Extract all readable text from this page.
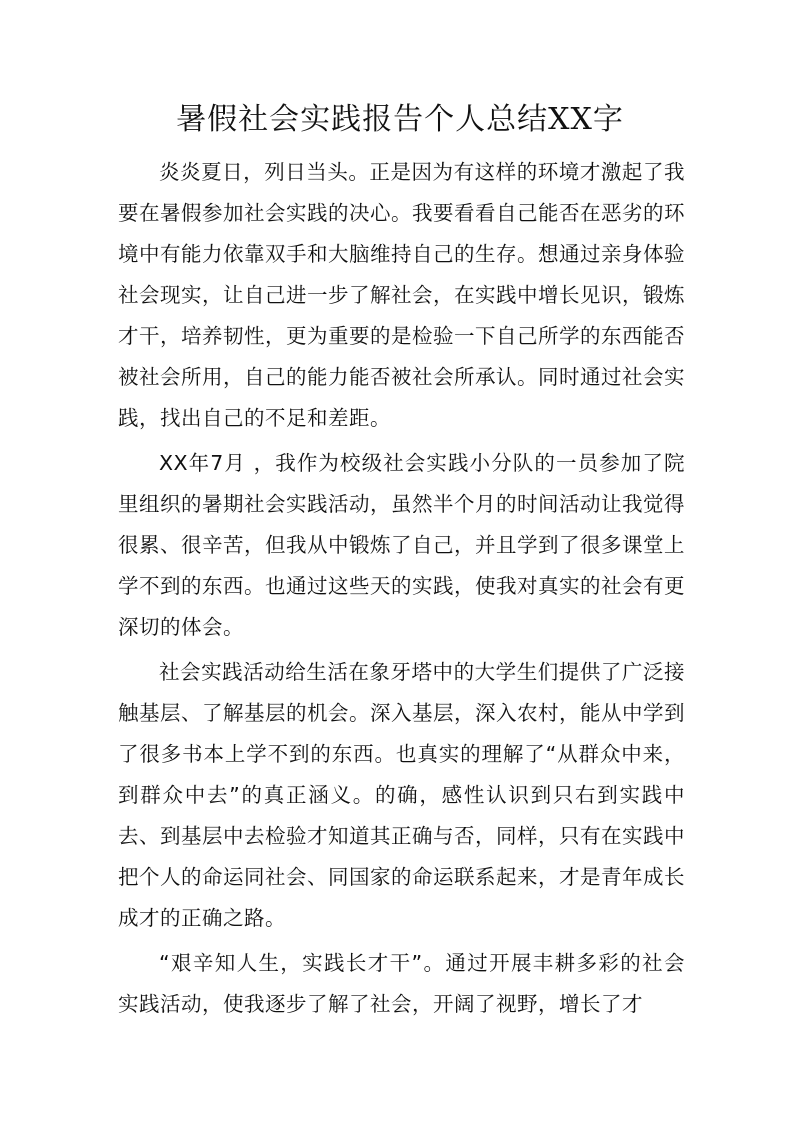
暑假社会实践报告个人总结XX字

炎炎夏日，列日当头。正是因为有这样的环境才激起了我要在暑假参加社会实践的决心。我要看看自己能否在恶劣的环境中有能力依靠双手和大脑维持自己的生存。想通过亲身体验社会现实，让自己进一步了解社会，在实践中增长见识，锻炼才干，培养韧性，更为重要的是检验一下自己所学的东西能否被社会所用，自己的能力能否被社会所承认。同时通过社会实践，找出自己的不足和差距。

XX年7月 ，我作为校级社会实践小分队的一员参加了院里组织的暑期社会实践活动，虽然半个月的时间活动让我觉得很累、很辛苦，但我从中锻炼了自己，并且学到了很多课堂上学不到的东西。也通过这些天的实践，使我对真实的社会有更深切的体会。

社会实践活动给生活在象牙塔中的大学生们提供了广泛接触基层、了解基层的机会。深入基层，深入农村，能从中学到了很多书本上学不到的东西。也真实的理解了“从群众中来，到群众中去”的真正涵义。的确，感性认识到只右到实践中去、到基层中去检验才知道其正确与否，同样，只有在实践中把个人的命运同社会、同国家的命运联系起来，才是青年成长成才的正确之路。

“艰辛知人生，实践长才干”。通过开展丰耕多彩的社会实践活动，使我逐步了解了社会，开阔了视野，增长了才
